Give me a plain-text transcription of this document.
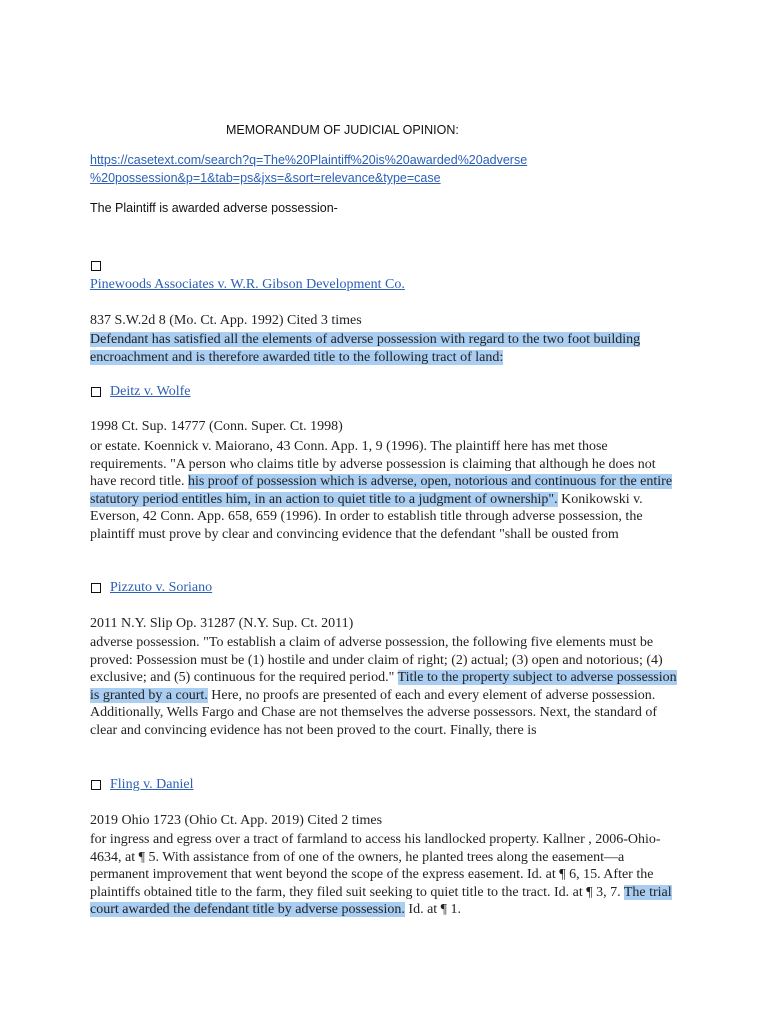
MEMORANDUM OF JUDICIAL OPINION:
https://casetext.com/search?q=The%20Plaintiff%20is%20awarded%20adverse
%20possession&p=1&tab=ps&jxs=&sort=relevance&type=case
The Plaintiff is awarded adverse possession-
Pinewoods Associates v. W.R. Gibson Development Co.
837 S.W.2d 8 (Mo. Ct. App. 1992) Cited 3 times

Defendant has satisfied all the elements of adverse possession with regard to the two foot building encroachment and is therefore awarded title to the following tract of land:

Deitz v. Wolfe
1998 Ct. Sup. 14777 (Conn. Super. Ct. 1998)

or estate. Koennick v. Maiorano, 43 Conn. App. 1, 9 (1996). The plaintiff here has met those requirements. "A person who claims title by adverse possession is claiming that although he does not have record title. his proof of possession which is adverse, open, notorious and continuous for the entire statutory period entitles him, in an action to quiet title to a judgment of ownership". Konikowski v. Everson, 42 Conn. App. 658, 659 (1996). In order to establish title through adverse possession, the plaintiff must prove by clear and convincing evidence that the defendant "shall be ousted from

Pizzuto v. Soriano
2011 N.Y. Slip Op. 31287 (N.Y. Sup. Ct. 2011)

adverse possession. "To establish a claim of adverse possession, the following five elements must be proved: Possession must be (1) hostile and under claim of right; (2) actual; (3) open and notorious; (4) exclusive; and (5) continuous for the required period." Title to the property subject to adverse possession is granted by a court. Here, no proofs are presented of each and every element of adverse possession. Additionally, Wells Fargo and Chase are not themselves the adverse possessors. Next, the standard of clear and convincing evidence has not been proved to the court. Finally, there is

Fling v. Daniel
2019 Ohio 1723 (Ohio Ct. App. 2019) Cited 2 times

for ingress and egress over a tract of farmland to access his landlocked property. Kallner , 2006-Ohio-4634, at ¶ 5. With assistance from of one of the owners, he planted trees along the easement—a permanent improvement that went beyond the scope of the express easement. Id. at ¶ 6, 15. After the plaintiffs obtained title to the farm, they filed suit seeking to quiet title to the tract. Id. at ¶ 3, 7. The trial court awarded the defendant title by adverse possession. Id. at ¶ 1.
